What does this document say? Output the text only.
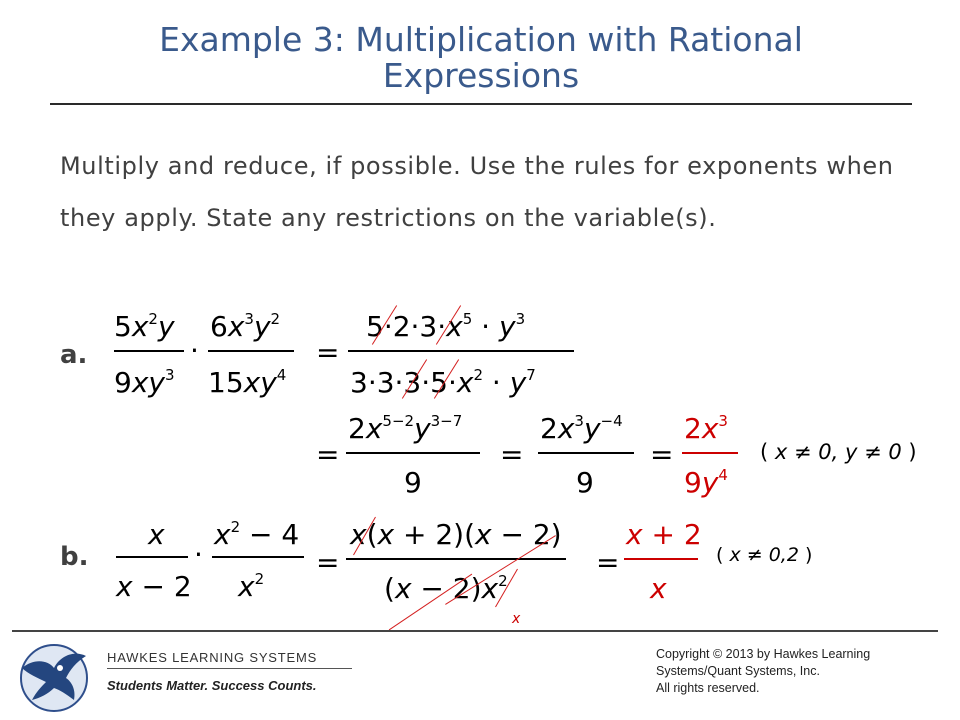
Example 3: Multiplication with Rational
Expressions
Multiply and reduce, if possible. Use the rules for exponents when they apply. State any restrictions on the variable(s).
a.
$5x^2y$
$9xy^3$
·
$6x^3y^2$
$15xy^4$
=
$5\cdot 2\cdot 3\cdot x^5 \cdot y^3$
$3\cdot 3\cdot 3\cdot 5\cdot x^2 \cdot y^7$
=
$2x^{5-2}y^{3-7}$
9
=
$2x^3y^{-4}$
9
=
$2x^3$
$9y^4$
( x ≠ 0, y ≠ 0 )
b.
x
x − 2
·
$x^2 - 4$
$x^2$ =
x(x + 2)(x − 2)
$(x - 2)x^2$
x
=
x + 2
x
( x ≠ 0,2 )
HAWKES LEARNING SYSTEMS
Students Matter. Success Counts.
Copyright © 2013 by Hawkes Learning
Systems/Quant Systems, Inc.
All rights reserved.
